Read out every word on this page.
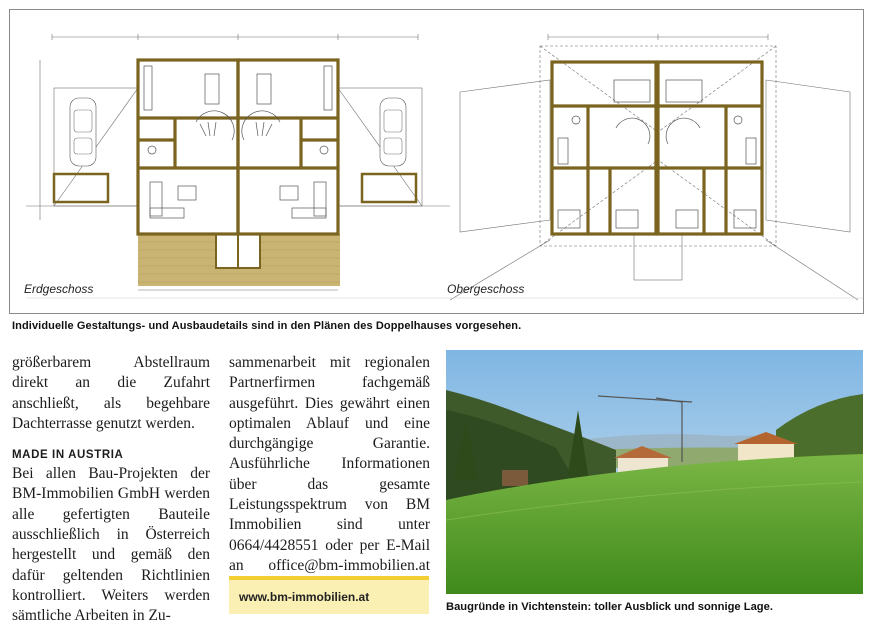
Erdgeschoss	Obergeschoss
Individuelle Gestaltungs- und Ausbaudetails sind in den Plänen des Doppelhauses vorgesehen.

größerbarem Abstellraum direkt an die Zufahrt anschließt, als begehbare Dachterrasse genutzt werden.

MADE IN AUSTRIA

Bei allen Bau-Projekten der BM-Immobilien GmbH werden alle gefertigten Bauteile ausschließlich in Österreich hergestellt und gemäß den dafür geltenden Richtlinien kontrolliert. Weiters werden sämtliche Arbeiten in Zu-

sammenarbeit mit regionalen Partnerfirmen fachgemäß ausgeführt. Dies gewährt einen optimalen Ablauf und eine durchgängige Garantie. Ausführliche Informationen über das gesamte Leistungsspektrum von BM Immobilien sind unter 0664/4428551 oder per E-Mail an office@bm-immobilien.at

www.bm-immobilien.at
Baugründe in Vichtenstein: toller Ausblick und sonnige Lage.
